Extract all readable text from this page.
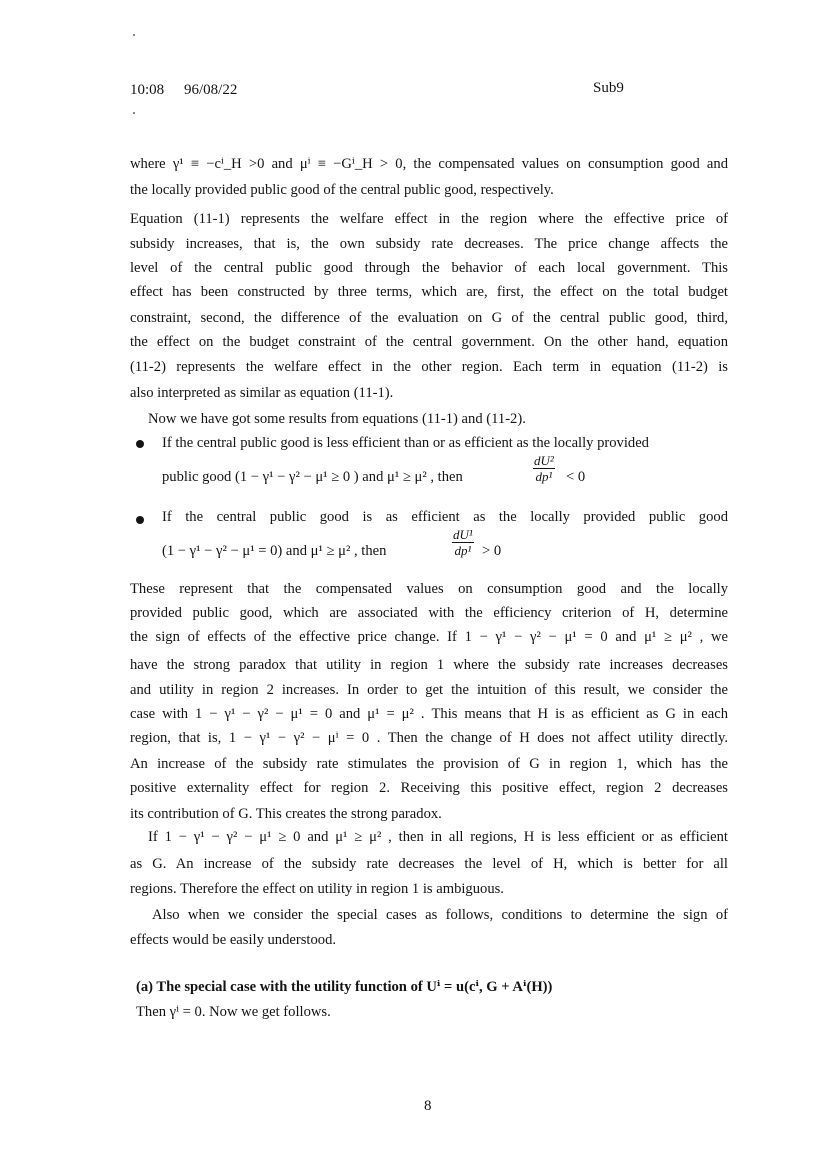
10:08 96/08/22	Sub9
where γ¹ ≡ −cⁱ_H >0 and μⁱ ≡ −Gⁱ_H > 0, the compensated values on consumption good and
the locally provided public good of the central public good, respectively.
Equation (11-1) represents the welfare effect in the region where the effective price of
subsidy increases, that is, the own subsidy rate decreases. The price change affects the
level of the central public good through the behavior of each local government. This
effect has been constructed by three terms, which are, first, the effect on the total budget
constraint, second, the difference of the evaluation on G of the central public good, third,
the effect on the budget constraint of the central government. On the other hand, equation
(11-2) represents the welfare effect in the other region. Each term in equation (11-2) is
also interpreted as similar as equation (11-1).
Now we have got some results from equations (11-1) and (11-2).
If the central public good is less efficient than or as efficient as the locally provided
public good (1 − γ¹ − γ² − μ¹ ≥ 0 ) and μ¹ ≥ μ² , then	$\frac{\text{dU²}}{\text{dp¹}} < 0$
If the central public good is as efficient as the locally provided public good
(1 − γ¹ − γ² − μ¹ = 0) and μ¹ ≥ μ² , then	$\frac{\text{dU¹}}{\text{dp¹}} > 0$
These represent that the compensated values on consumption good and the locally
provided public good, which are associated with the efficiency criterion of H, determine
the sign of effects of the effective price change. If 1 − γ¹ − γ² − μ¹ = 0 and μ¹ ≥ μ² , we
have the strong paradox that utility in region 1 where the subsidy rate increases decreases
and utility in region 2 increases. In order to get the intuition of this result, we consider the
case with 1 − γ¹ − γ² − μ¹ = 0 and μ¹ = μ² . This means that H is as efficient as G in each
region, that is, 1 − γ¹ − γ² − μⁱ = 0 . Then the change of H does not affect utility directly.
An increase of the subsidy rate stimulates the provision of G in region 1, which has the
positive externality effect for region 2. Receiving this positive effect, region 2 decreases
its contribution of G. This creates the strong paradox.
If 1 − γ¹ − γ² − μ¹ ≥ 0 and μ¹ ≥ μ² , then in all regions, H is less efficient or as efficient
as G. An increase of the subsidy rate decreases the level of H, which is better for all
regions. Therefore the effect on utility in region 1 is ambiguous.
Also when we consider the special cases as follows, conditions to determine the sign of
effects would be easily understood.
(a) The special case with the utility function of Uⁱ = u(cⁱ, G + Aⁱ(H))
Then γⁱ = 0. Now we get follows.
8
